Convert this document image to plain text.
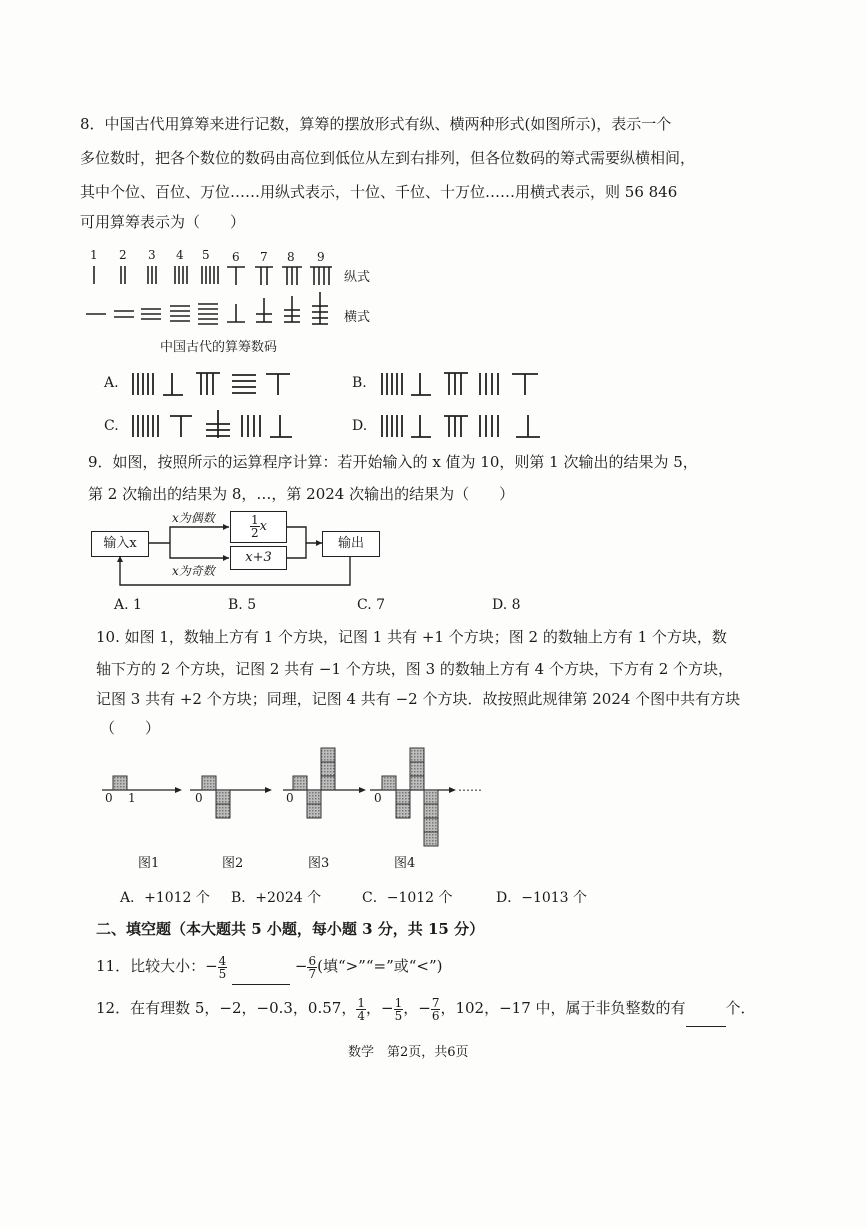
8．中国古代用算筹来进行记数，算筹的摆放形式有纵、横两种形式(如图所示)，表示一个
多位数时，把各个数位的数码由高位到低位从左到右排列，但各位数码的筹式需要纵横相间，
其中个位、百位、万位……用纵式表示，十位、千位、十万位……用横式表示，则 56 846
可用算筹表示为（　　）
1 2 3 4 5 6 7 8 9
纵式
横式
中国古代的算筹数码
A.	B.
C.	D.
9．如图，按照所示的运算程序计算：若开始输入的 x 值为 10，则第 1 次输出的结果为 5，
第 2 次输出的结果为 8，…，第 2024 次输出的结果为（　　）
输入x
x为偶数
x为奇数
$\frac{1}{2}$ x
x+3
输出
A. 1	B. 5	C. 7	D. 8
10. 如图 1，数轴上方有 1 个方块，记图 1 共有 +1 个方块；图 2 的数轴上方有 1 个方块，数
轴下方的 2 个方块，记图 2 共有 −1 个方块，图 3 的数轴上方有 4 个方块，下方有 2 个方块，
记图 3 共有 +2 个方块；同理，记图 4 共有 −2 个方块．故按照此规律第 2024 个图中共有方块
（　　）
0 1	0	0	0
……
图1	图2	图3	图4
A．+1012 个 B．+2024 个	C．−1012 个	D．−1013 个
二、填空题（本大题共 5 小题，每小题 3 分，共 15 分）
11．比较大小：− $\frac{4}{5}$	− $\frac{6}{7}$ (填“>”“=”或“<”)
12．在有理数 5，−2，−0.3，0.57， $\frac{1}{4}$ ，− $\frac{1}{5}$ ，− $\frac{7}{6}$ ，102，−17 中，属于非负整数的有	个．
数学　第2页，共6页
